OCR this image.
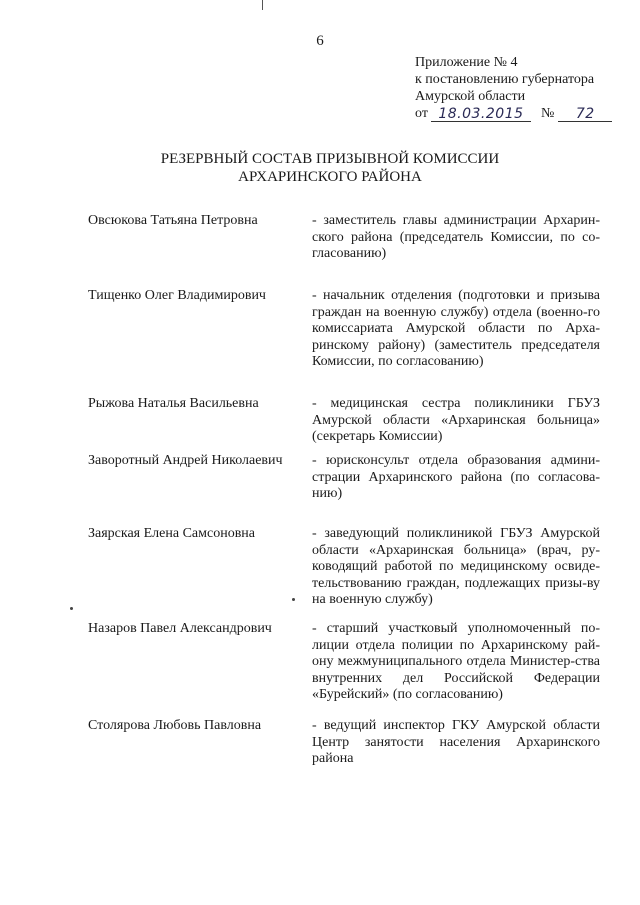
6
Приложение № 4
к постановлению губернатора
Амурской области
от 18.03.2015	№	72
РЕЗЕРВНЫЙ СОСТАВ ПРИЗЫВНОЙ КОМИССИИ
АРХАРИНСКОГО РАЙОНА
Овсюкова Татьяна Петровна	- заместитель главы администрации Архарин-ского района (председатель Комиссии, по со-гласованию)
Тищенко Олег Владимирович	- начальник отделения (подготовки и призыва граждан на военную службу) отдела (военно-го комиссариата Амурской области по Арха-ринскому району) (заместитель председателя Комиссии, по согласованию)
Рыжова Наталья Васильевна	- медицинская сестра поликлиники ГБУЗ Амурской области «Архаринская больница» (секретарь Комиссии)
Заворотный Андрей Николаевич	- юрисконсульт отдела образования админи-страции Архаринского района (по согласова-нию)
Заярская Елена Самсоновна	- заведующий поликлиникой ГБУЗ Амурской области «Архаринская больница» (врач, ру-ководящий работой по медицинскому освиде-тельствованию граждан, подлежащих призы-ву на военную службу)
Назаров Павел Александрович	- старший участковый уполномоченный по-лиции отдела полиции по Архаринскому рай-ону межмуниципального отдела Министер-ства внутренних дел Российской Федерации «Бурейский» (по согласованию)
Столярова Любовь Павловна	- ведущий инспектор ГКУ Амурской области Центр занятости населения Архаринского района
